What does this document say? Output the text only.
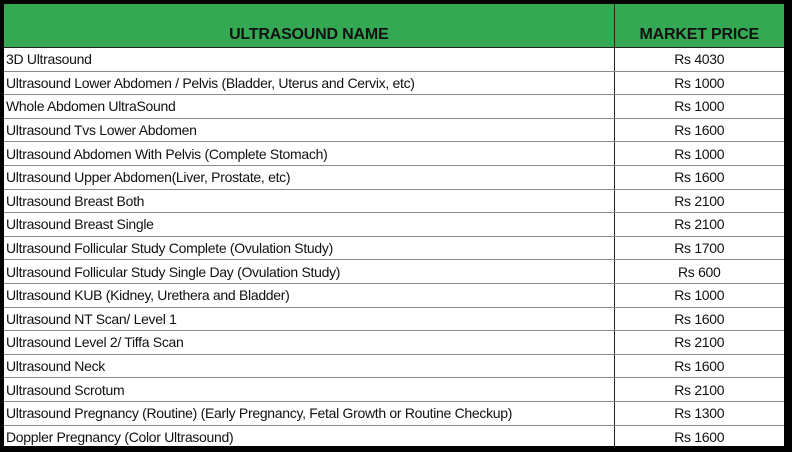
ULTRASOUND NAME	MARKET PRICE
3D Ultrasound	Rs 4030
Ultrasound Lower Abdomen / Pelvis (Bladder, Uterus and Cervix, etc)	Rs 1000
Whole Abdomen UltraSound	Rs 1000
Ultrasound Tvs Lower Abdomen	Rs 1600
Ultrasound Abdomen With Pelvis (Complete Stomach)	Rs 1000
Ultrasound Upper Abdomen(Liver, Prostate, etc)	Rs 1600
Ultrasound Breast Both	Rs 2100
Ultrasound Breast Single	Rs 2100
Ultrasound Follicular Study Complete (Ovulation Study)	Rs 1700
Ultrasound Follicular Study Single Day (Ovulation Study)	Rs 600
Ultrasound KUB (Kidney, Urethera and Bladder)	Rs 1000
Ultrasound NT Scan/ Level 1	Rs 1600
Ultrasound Level 2/ Tiffa Scan	Rs 2100
Ultrasound Neck	Rs 1600
Ultrasound Scrotum	Rs 2100
Ultrasound Pregnancy (Routine) (Early Pregnancy, Fetal Growth or Routine Checkup)	Rs 1300
Doppler Pregnancy (Color Ultrasound)	Rs 1600
